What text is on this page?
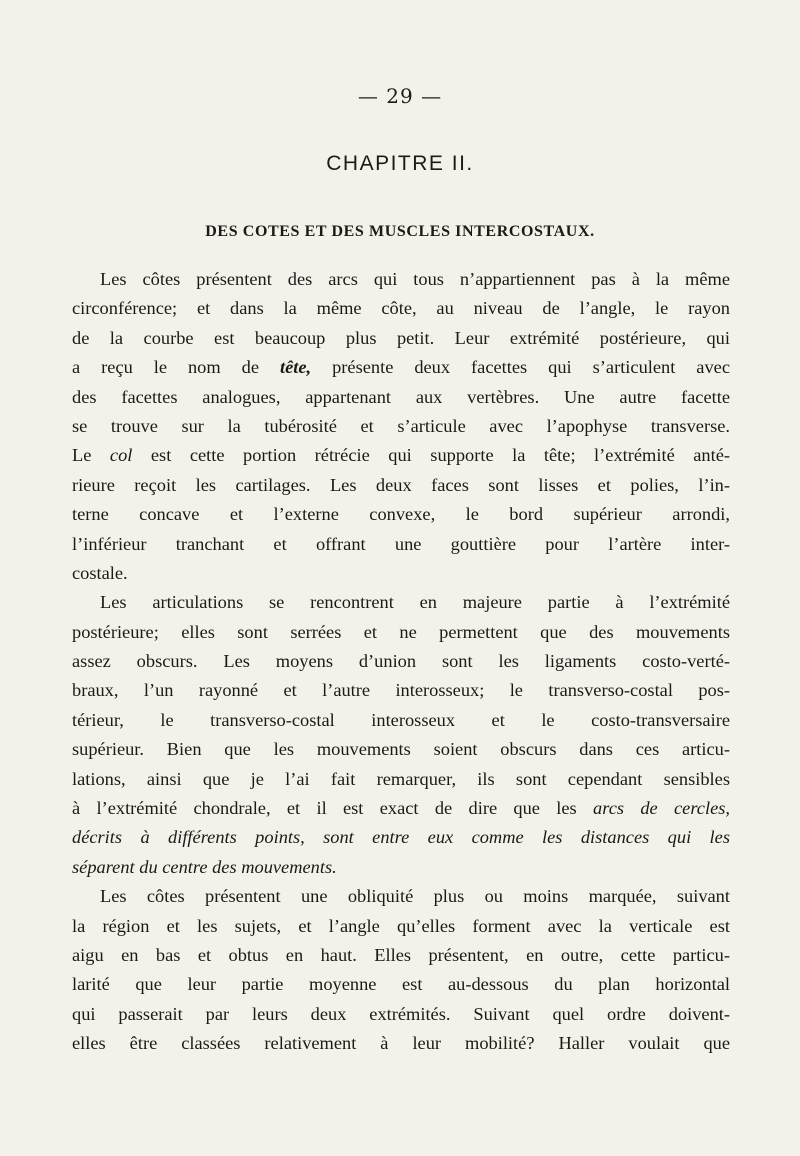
— 29 —
CHAPITRE II.
DES COTES ET DES MUSCLES INTERCOSTAUX.
Les côtes présentent des arcs qui tous n’appartiennent pas à la même
circonférence; et dans la même côte, au niveau de l’angle, le rayon
de la courbe est beaucoup plus petit. Leur extrémité postérieure, qui
a reçu le nom de tête, présente deux facettes qui s’articulent avec
des facettes analogues, appartenant aux vertèbres. Une autre facette
se trouve sur la tubérosité et s’articule avec l’apophyse transverse.
Le col est cette portion rétrécie qui supporte la tête; l’extrémité anté-
rieure reçoit les cartilages. Les deux faces sont lisses et polies, l’in-
terne concave et l’externe convexe, le bord supérieur arrondi,
l’inférieur tranchant et offrant une gouttière pour l’artère inter-
costale.
Les articulations se rencontrent en majeure partie à l’extrémité
postérieure; elles sont serrées et ne permettent que des mouvements
assez obscurs. Les moyens d’union sont les ligaments costo-verté-
braux, l’un rayonné et l’autre interosseux; le transverso-costal pos-
térieur, le transverso-costal interosseux et le costo-transversaire
supérieur. Bien que les mouvements soient obscurs dans ces articu-
lations, ainsi que je l’ai fait remarquer, ils sont cependant sensibles
à l’extrémité chondrale, et il est exact de dire que les arcs de cercles,
décrits à différents points, sont entre eux comme les distances qui les
séparent du centre des mouvements.
Les côtes présentent une obliquité plus ou moins marquée, suivant
la région et les sujets, et l’angle qu’elles forment avec la verticale est
aigu en bas et obtus en haut. Elles présentent, en outre, cette particu-
larité que leur partie moyenne est au-dessous du plan horizontal
qui passerait par leurs deux extrémités. Suivant quel ordre doivent-
elles être classées relativement à leur mobilité? Haller voulait que
